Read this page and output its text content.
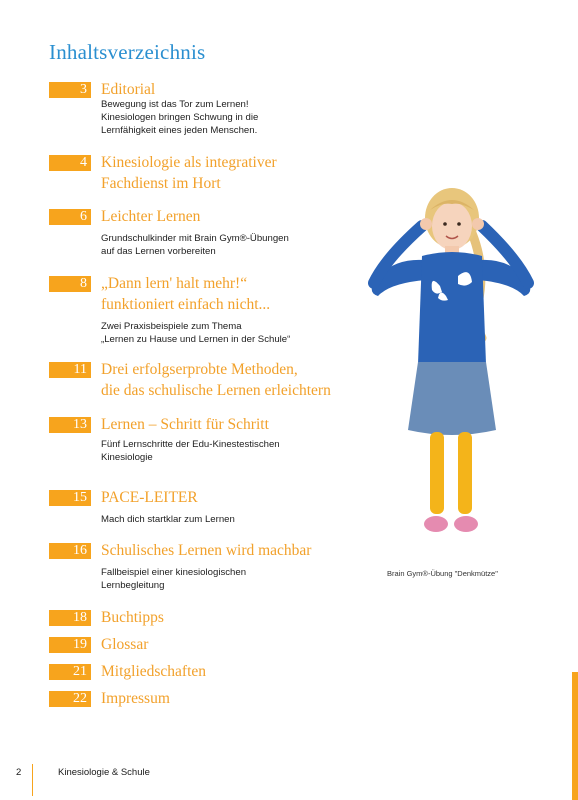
Inhaltsverzeichnis
3 Editorial
Bewegung ist das Tor zum Lernen!
Kinesiologen bringen Schwung in die
Lernfähigkeit eines jeden Menschen.
4 Kinesiologie als integrativer
Fachdienst im Hort
6 Leichter Lernen
Grundschulkinder mit Brain Gym®-Übungen
auf das Lernen vorbereiten
8 „Dann lern' halt mehr!“
funktioniert einfach nicht...
Zwei Praxisbeispiele zum Thema
„Lernen zu Hause und Lernen in der Schule“
11 Drei erfolgserprobte Methoden,
die das schulische Lernen erleichtern
13 Lernen – Schritt für Schritt
Fünf Lernschritte der Edu-Kinestestischen
Kinesiologie
15 PACE-LEITER
Mach dich startklar zum Lernen
16 Schulisches Lernen wird machbar
Fallbeispiel einer kinesiologischen
Lernbegleitung
18 Buchtipps
19 Glossar
21 Mitgliedschaften
22 Impressum
Brain Gym®-Übung "Denkmütze"
2	Kinesiologie & Schule
